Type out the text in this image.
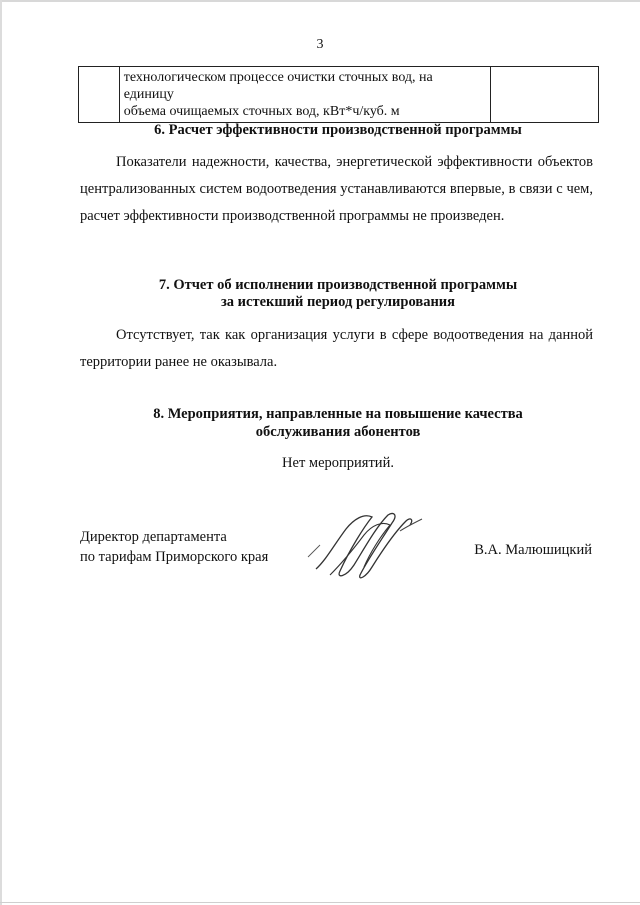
3

технологическом процессе очистки сточных вод, на единицу
объема очищаемых сточных вод, кВт*ч/куб. м

6. Расчет эффективности производственной программы
Показатели надежности, качества, энергетической эффективности объектов централизованных систем водоотведения устанавливаются впервые, в связи с чем, расчет эффективности производственной программы не произведен.
7. Отчет об исполнении производственной программы
за истекший период регулирования
Отсутствует, так как организация услуги в сфере водоотведения на данной территории ранее не оказывала.
8. Мероприятия, направленные на повышение качества
обслуживания абонентов
Нет мероприятий.
Директор департамента
по тарифам Приморского края	В.А. Малюшицкий
